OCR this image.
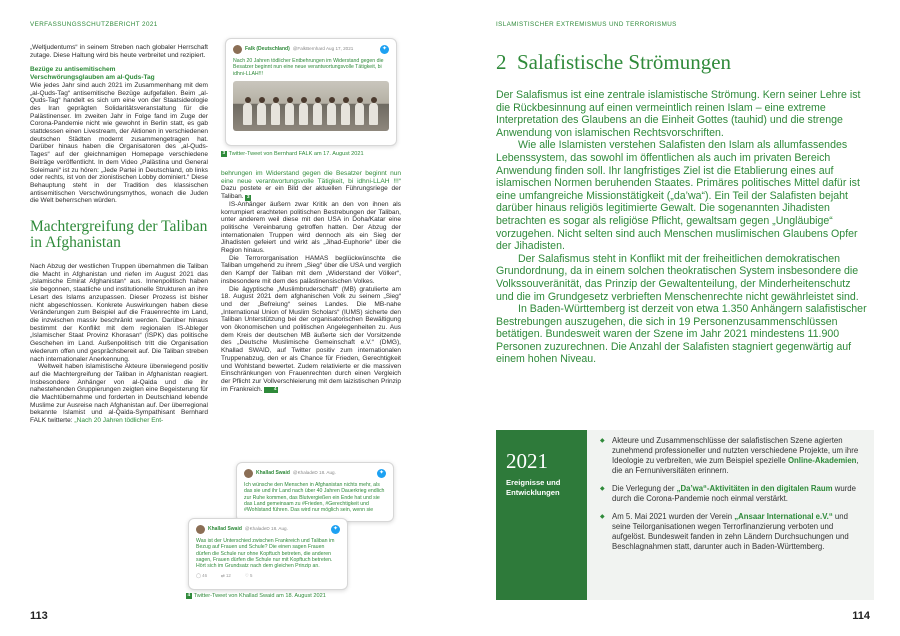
VERFASSUNGSSCHUTZBERICHT 2021

„Weltjudentums“ in seinem Streben nach globaler Herrschaft zutage. Diese Haltung wird bis heute verbreitet und rezipiert.

Bezüge zu antisemitischem
Verschwörungsglauben am al-Quds-Tag

Wie jedes Jahr sind auch 2021 im Zusammenhang mit dem „al-Quds-Tag“ antisemitische Bezüge aufgefallen. Beim „al-Quds-Tag“ handelt es sich um eine von der Staatsideologie des Iran geprägten Solidaritätsveranstaltung für die Palästinenser. Im zweiten Jahr in Folge fand im Zuge der Corona-Pandemie nicht wie gewohnt in Berlin statt, es gab stattdessen einen Livestream, der Aktionen in verschiedenen deutschen Städten modernt zusammengetragen hat. Darüber hinaus haben die Organisatoren des „al-Quds-Tages“ auf der gleichnamigen Homepage verschiedene Beiträge veröffentlicht. In dem Video „Palästina und General Soleimani“ ist zu hören: „Jede Partei in Deutschland, ob links oder rechts, ist von der zionistischen Lobby dominiert.“ Diese Behauptung steht in der Tradition des klassischen antisemitischen Verschwörungsmythos, wonach die Juden die Welt beherrschen würden.

Machtergreifung der Taliban
in Afghanistan

Nach Abzug der westlichen Truppen übernahmen die Taliban die Macht in Afghanistan und riefen im August 2021 das „Islamische Emirat Afghanistan“ aus. Innenpolitisch haben sie begonnen, staatliche und institutionelle Strukturen an ihre Lesart des Islams anzupassen. Dieser Prozess ist bisher nicht abgeschlossen. Konkrete Auswirkungen haben diese Veränderungen zum Beispiel auf die Frauenrechte im Land, die inzwischen massiv beschränkt werden. Darüber hinaus bestimmt der Konflikt mit dem regionalen IS-Ableger „Islamischer Staat Provinz Khorasan“ (ISPK) das politische Geschehen im Land. Außenpolitisch tritt die Organisation wiederum offen und gesprächsbereit auf. Die Taliban streben nach internationaler Anerkennung.

Weltweit haben islamistische Akteure überwiegend positiv auf die Machtergreifung der Taliban in Afghanistan reagiert. Insbesondere Anhänger von al-Qaida und die ihr nahestehenden Gruppierungen zeigten eine Begeisterung für die Machtübernahme und forderten in Deutschland lebende Muslime zur Ausreise nach Afghanistan auf. Der überregional bekannte Islamist und al-Qaida-Sympathisant Bernhard FALK twitterte: „Nach 20 Jahren tödlicher Ent-

Falk (Deutschland) @FalkBernhard Aug 17, 2021	✦
Nach 20 Jahren tödlicher Entbehrungen im Widerstand gegen die Besatzer beginnt nun eine neue verantwortungsvolle Tätigkeit, bi idhni-LLAH!!!
3 Twitter-Tweet von Bernhard FALK am 17. August 2021

behrungen im Widerstand gegen die Besatzer beginnt nun eine neue verantwortungsvolle Tätigkeit, bi idhni-LLAH !!!“ Dazu postete er ein Bild der aktuellen Führungsriege der Taliban. 3

IS-Anhänger äußern zwar Kritik an den von ihnen als korrumpiert erachteten politischen Bestrebungen der Taliban, unter anderem weil diese mit den USA in Doha/Katar eine politische Vereinbarung getroffen hatten. Der Abzug der internationalen Truppen wird dennoch als ein Sieg der Jihadisten gefeiert und wirkt als „Jihad-Euphorie“ über die Region hinaus.

Die Terrororganisation HAMAS beglückwünschte die Taliban umgehend zu ihrem „Sieg“ über die USA und verglich den Kampf der Taliban mit dem „Widerstand der Völker“, insbesondere mit dem des palästinensischen Volkes.

Die ägyptische „Muslimbruderschaft“ (MB) gratulierte am 18. August 2021 dem afghanischen Volk zu seinem „Sieg“ und der „Befreiung“ seines Landes. Die MB-nahe „International Union of Muslim Scholars“ (IUMS) sicherte den Taliban Unterstützung bei der organisatorischen Bewältigung von ökonomischen und politischen Angelegenheiten zu. Aus dem Kreis der deutschen MB äußerte sich der Vorsitzende des „Deutsche Muslimische Gemeinschaft e.V.“ (DMG), Khallad SWAID, auf Twitter positiv zum internationalen Truppenabzug, den er als Chance für Frieden, Gerechtigkeit und Wohlstand bewertet. Zudem relativierte er die massiven Einschränkungen von Frauenrechten durch einen Vergleich der Pflicht zur Vollverschleierung mit dem laizistischen Prinzip im Frankreich. 4

Khallad Swaid @KhaladeD 18. Aug.	✦
Ich wünsche den Menschen in Afghanistan nichts mehr, als das sie und ihr Land nach über 40 Jahren Dauerkrieg endlich zur Ruhe kommen, das Blutvergießen ein Ende hat und sie das Land gemeinsam zu #Frieden, #Gerechtigkeit und #Wohlstand führen. Das wird nur möglich sein, wenn sie
Khallad Swaid @KhaladeD 18. Aug.	✦
Was ist der Unterschied zwischen Frankreich und Taliban im Bezug auf Frauen und Schule? Die einen sagen Frauen dürfen die Schule nur ohne Kopftuch betreten, die anderen sagen, Frauen dürfen die Schule nur mit Kopftuch betreten. Hört sich im Grundsatz nach dem gleichen Prinzip an.
◯ 46	⇄ 12	♡ 5
4 Twitter-Tweet von Khallad Swaid am 18. August 2021
113
ISLAMISTISCHER EXTREMISMUS UND TERRORISMUS
2  Salafistische Strömungen

Der Salafismus ist eine zentrale islamistische Strömung. Kern seiner Lehre ist die Rückbesinnung auf einen vermeintlich reinen Islam – eine extreme Interpretation des Glaubens an die Einheit Gottes (tauhid) und die strenge Anwendung von islamischen Rechtsvorschriften.

Wie alle Islamisten verstehen Salafisten den Islam als allumfassendes Lebenssystem, das sowohl im öffentlichen als auch im privaten Bereich Anwendung finden soll. Ihr langfristiges Ziel ist die Etablierung eines auf islamischen Normen beruhenden Staates. Primäres politisches Mittel dafür ist eine umfangreiche Missionstätigkeit („da’wa“). Ein Teil der Salafisten bejaht darüber hinaus religiös legitimierte Gewalt. Die sogenannten Jihadisten betrachten es sogar als religiöse Pflicht, gewaltsam gegen „Ungläubige“ vorzugehen. Nicht selten sind auch Menschen muslimischen Glaubens Opfer der Jihadisten.

Der Salafismus steht in Konflikt mit der freiheitlichen demokratischen Grundordnung, da in einem solchen theokratischen System insbesondere die Volkssouveränität, das Prinzip der Gewaltenteilung, der Minderheitenschutz und die im Grundgesetz verbrieften Menschenrechte nicht gewährleistet sind.

In Baden-Württemberg ist derzeit von etwa 1.350 Anhängern salafistischer Bestrebungen auszugehen, die sich in 19 Personenzusammenschlüssen betätigen. Bundesweit waren der Szene im Jahr 2021 mindestens 11.900 Personen zuzurechnen. Die Anzahl der Salafisten stagniert gegenwärtig auf einem hohen Niveau.

2021
Ereignisse und Entwicklungen
◆ Akteure und Zusammenschlüsse der salafistischen Szene agierten zunehmend professioneller und nutzten verschiedene Projekte, um ihre Ideologie zu verbreiten, wie zum Beispiel spezielle Online-Akademien, die an Fernuniversitäten erinnern.
◆ Die Verlegung der „Da’wa“-Aktivitäten in den digitalen Raum wurde durch die Corona-Pandemie noch einmal verstärkt.
◆ Am 5. Mai 2021 wurden der Verein „Ansaar International e.V.“ und seine Teilorganisationen wegen Terrorfinanzierung verboten und aufgelöst. Bundesweit fanden in zehn Ländern Durchsuchungen und Beschlagnahmen statt, darunter auch in Baden-Württemberg.
114
